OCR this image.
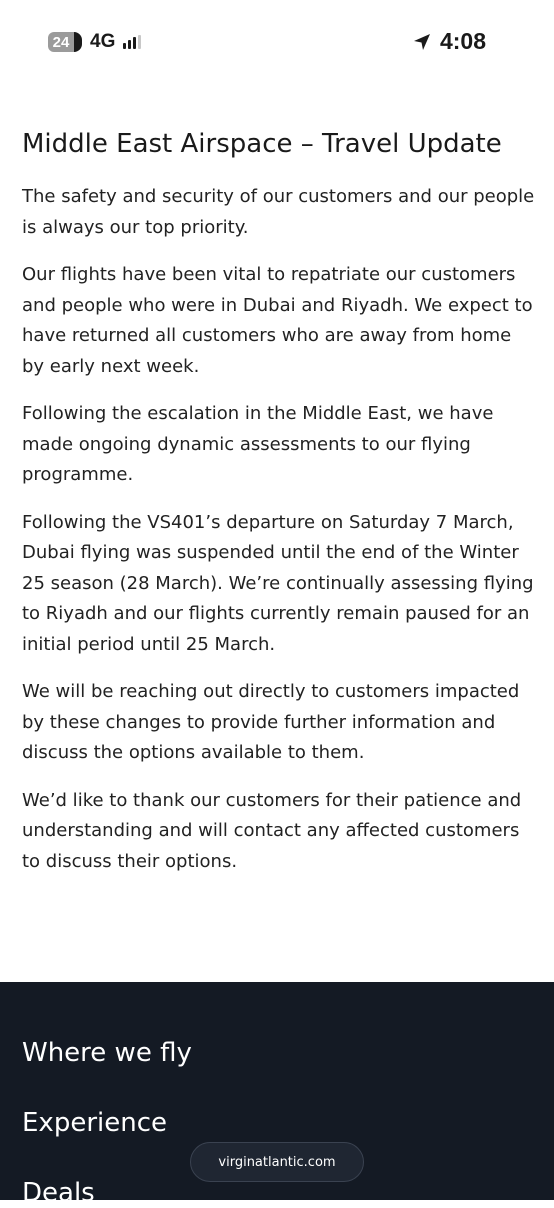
24 4G	4:08
Middle East Airspace – Travel Update

The safety and security of our customers and our people is always our top priority.

Our flights have been vital to repatriate our customers and people who were in Dubai and Riyadh. We expect to have returned all customers who are away from home by early next week.

Following the escalation in the Middle East, we have made ongoing dynamic assessments to our flying programme.

Following the VS401’s departure on Saturday 7 March, Dubai flying was suspended until the end of the Winter 25 season (28 March). We’re continually assessing flying to Riyadh and our flights currently remain paused for an initial period until 25 March.

We will be reaching out directly to customers impacted by these changes to provide further information and discuss the options available to them.

We’d like to thank our customers for their patience and understanding and will contact any affected customers to discuss their options.

Where we fly
Experience
Deals
virginatlantic.com
